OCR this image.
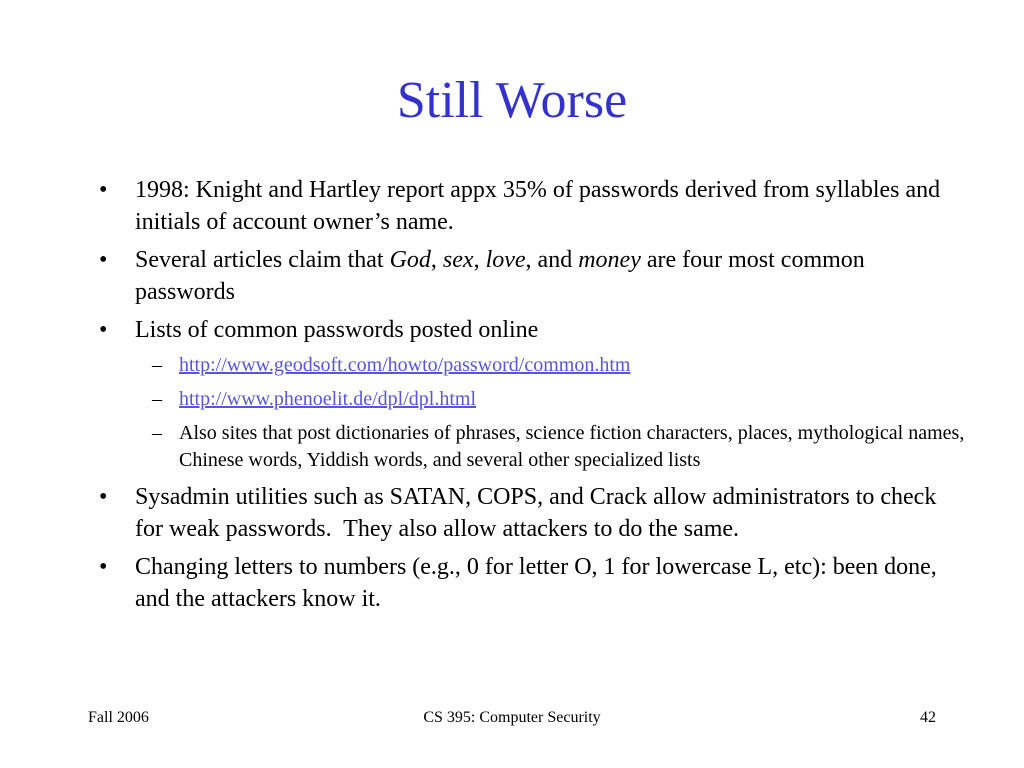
Still Worse
• 1998: Knight and Hartley report appx 35% of passwords derived from syllables and initials of account owner’s name.
• Several articles claim that God, sex, love, and money are four most common passwords
• Lists of common passwords posted online
– http://www.geodsoft.com/howto/password/common.htm
– http://www.phenoelit.de/dpl/dpl.html
– Also sites that post dictionaries of phrases, science fiction characters, places, mythological names, Chinese words, Yiddish words, and several other specialized lists
• Sysadmin utilities such as SATAN, COPS, and Crack allow administrators to check for weak passwords.  They also allow attackers to do the same.
• Changing letters to numbers (e.g., 0 for letter O, 1 for lowercase L, etc): been done, and the attackers know it.
Fall 2006	CS 395: Computer Security	42
